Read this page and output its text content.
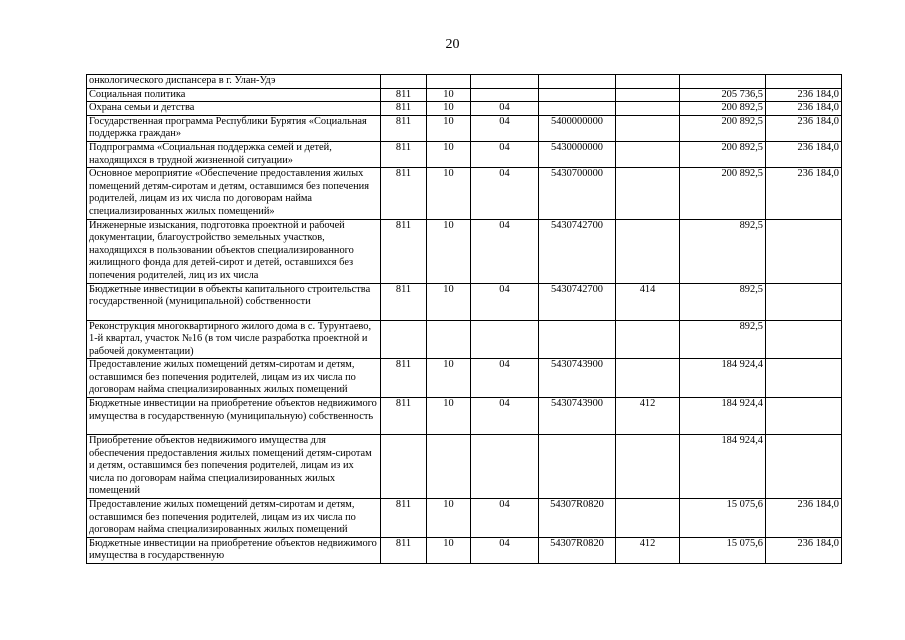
20
онкологического диспансера в г. Улан-Удэ							
Социальная политика	811	10				205 736,5	236 184,0
Охрана семьи и детства	811	10	04			200 892,5	236 184,0
Государственная программа Республики Бурятия «Социальная поддержка граждан»	811	10	04	5400000000		200 892,5	236 184,0
Подпрограмма «Социальная поддержка семей и детей, находящихся в трудной жизненной ситуации»	811	10	04	5430000000		200 892,5	236 184,0
Основное мероприятие «Обеспечение предоставления жилых помещений детям-сиротам и детям, оставшимся без попечения родителей, лицам из их числа по договорам найма специализированных жилых помещений»	811	10	04	5430700000		200 892,5	236 184,0
Инженерные изыскания, подготовка проектной и рабочей документации, благоустройство земельных участков, находящихся в пользовании объектов специализированного жилищного фонда для детей-сирот и детей, оставшихся без попечения родителей, лиц из их числа	811	10	04	5430742700		892,5	
Бюджетные инвестиции в объекты капитального строительства государственной (муниципальной) собственности	811	10	04	5430742700	414	892,5	
Реконструкция многоквартирного жилого дома в с. Турунтаево, 1-й квартал, участок №16 (в том числе разработка проектной и рабочей документации)						892,5	
Предоставление жилых помещений детям-сиротам и детям, оставшимся без попечения родителей, лицам из их числа по договорам найма специализированных жилых помещений	811	10	04	5430743900		184 924,4	
Бюджетные инвестиции на приобретение объектов недвижимого имущества в государственную (муниципальную) собственность	811	10	04	5430743900	412	184 924,4	
Приобретение объектов недвижимого имущества для обеспечения предоставления жилых помещений детям-сиротам и детям, оставшимся без попечения родителей, лицам из их числа по договорам найма специализированных жилых помещений						184 924,4	
Предоставление жилых помещений детям-сиротам и детям, оставшимся без попечения родителей, лицам из их числа по договорам найма специализированных жилых помещений	811	10	04	54307R0820		15 075,6	236 184,0
Бюджетные инвестиции на приобретение объектов недвижимого имущества в государственную	811	10	04	54307R0820	412	15 075,6	236 184,0
